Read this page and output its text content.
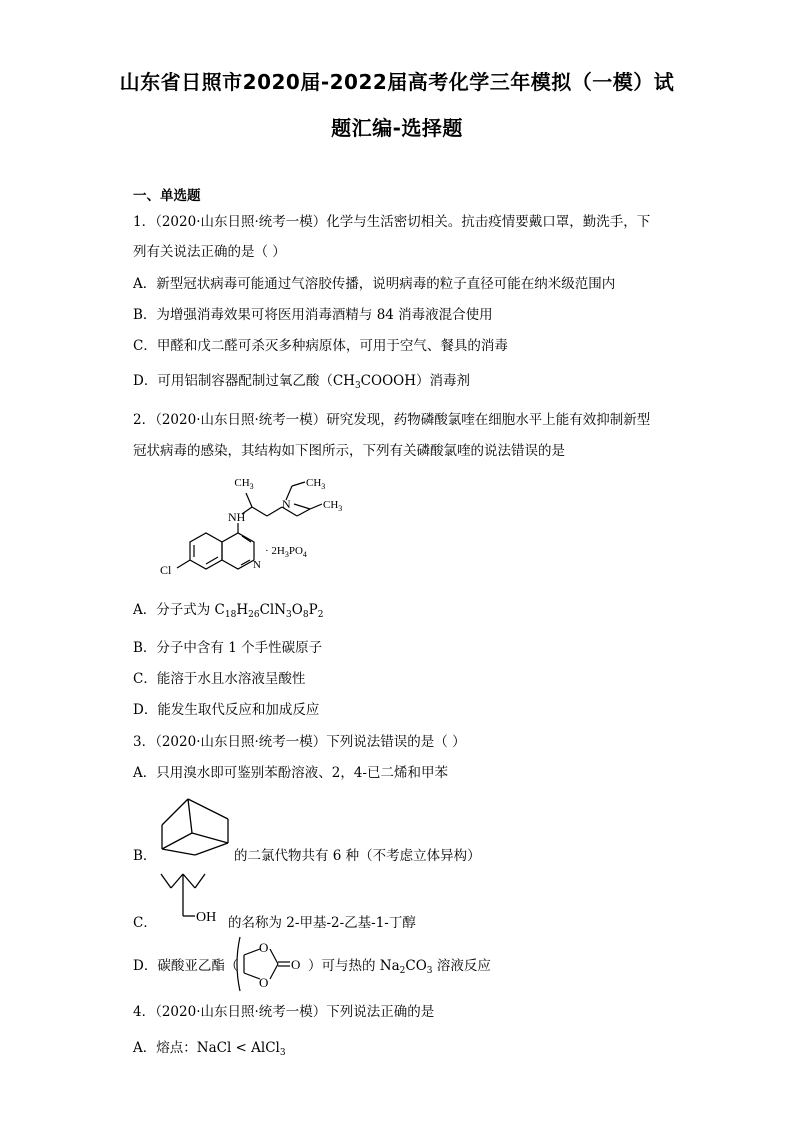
山东省日照市2020届-2022届高考化学三年模拟（一模）试
题汇编-选择题
一、单选题
1．（2020·山东日照·统考一模）化学与生活密切相关。抗击疫情要戴口罩，勤洗手，下
列有关说法正确的是（ ）
A．新型冠状病毒可能通过气溶胶传播，说明病毒的粒子直径可能在纳米级范围内
B．为增强消毒效果可将医用消毒酒精与 84 消毒液混合使用
C．甲醛和戊二醛可杀灭多种病原体，可用于空气、餐具的消毒
D．可用铝制容器配制过氧乙酸$(CH_3COOOH)$消毒剂
2．（2020·山东日照·统考一模）研究发现，药物磷酸氯喹在细胞水平上能有效抑制新型
冠状病毒的感染，其结构如下图所示，下列有关磷酸氯喹的说法错误的是
$CH_3$	$CH_3$
$CH_3$
N
NH
Cl	N
· $2H_3PO_4$
A．分子式为 $C_{18}H_{26}ClN_3O_8P_2$
B．分子中含有 1 个手性碳原子
C．能溶于水且水溶液呈酸性
D．能发生取代反应和加成反应
3．（2020·山东日照·统考一模）下列说法错误的是（ ）
A．只用溴水即可鉴别苯酚溶液、2，4-已二烯和甲苯
B．	的二氯代物共有 6 种（不考虑立体异构）
C．	OH 的名称为 2-甲基-2-乙基-1-丁醇
D．碳酸亚乙酯（
O
O
O ）可与热的 $Na_2CO_3$ 溶液反应
4．（2020·山东日照·统考一模）下列说法正确的是
A．熔点：NaCl < AlCl$_3$
